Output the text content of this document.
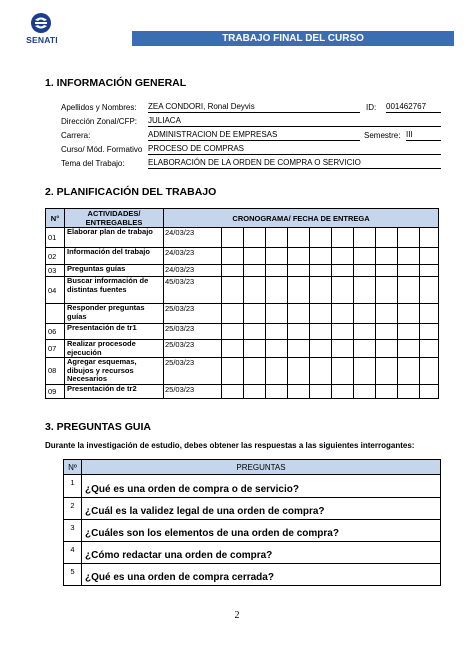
SENATI	TRABAJO FINAL DEL CURSO
1. INFORMACIÓN GENERAL
Apellidos y Nombres: ZEA CONDORI, Ronal Deyvis	ID: 001462767
Dirección Zonal/CFP: JULIACA
Carrera:	ADMINISTRACION DE EMPRESAS	Semestre: III
Curso/ Mód. Formativo PROCESO DE COMPRAS
Tema del Trabajo:	ELABORACIÓN DE LA ORDEN DE COMPRA O SERVICIO
2. PLANIFICACIÓN DEL TRABAJO
N°	ACTIVIDADES/ ENTREGABLES	CRONOGRAMA/ FECHA DE ENTREGA										
01	Elaborar plan de trabajo	24/03/23										
02	Información del trabajo	24/03/23										
03	Preguntas guías	24/03/23										
04	Buscar información de distintas fuentes	45/03/23										
	Responder preguntas guías	25/03/23										
06	Presentación de tr1	25/03/23										
07	Realizar procesode ejecución	25/03/23										
08	Agregar esquemas, dibujos y recursos Necesarios	25/03/23										
09	Presentación de tr2	25/03/23										
3. PREGUNTAS GUIA
Durante la investigación de estudio, debes obtener las respuestas a las siguientes interrogantes:
Nº	PREGUNTAS
1	¿Qué es una orden de compra o de servicio?
2	¿Cuál es la validez legal de una orden de compra?
3	¿Cuáles son los elementos de una orden de compra?
4	¿Cómo redactar una orden de compra?
5	¿Qué es una orden de compra cerrada?
2
